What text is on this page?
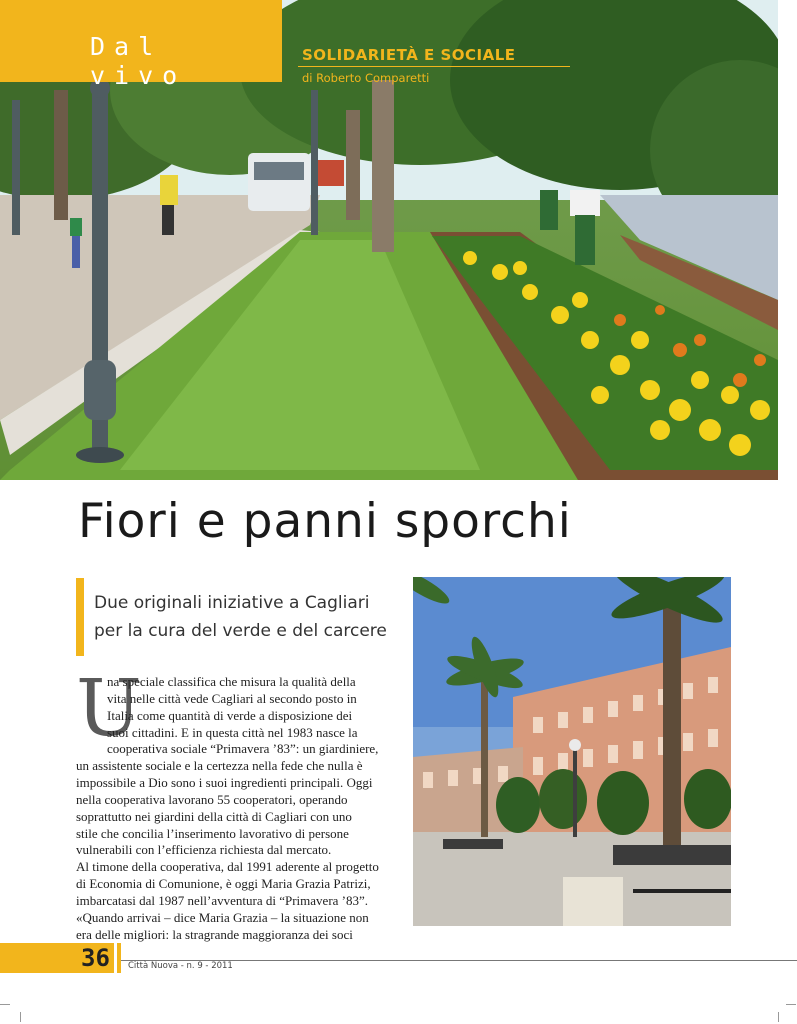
Dal vivo
SOLIDARIETÀ E SOCIALE
di Roberto Comparetti
Fiori e panni sporchi
Due originali iniziative a Cagliari
per la cura del verde e del carcere
U
na speciale classifica che misura la qualità della
vita nelle città vede Cagliari al secondo posto in
Italia come quantità di verde a disposizione dei
suoi cittadini. E in questa città nel 1983 nasce la
cooperativa sociale “Primavera ’83”: un giardiniere,
un assistente sociale e la certezza nella fede che nulla è
impossibile a Dio sono i suoi ingredienti principali. Oggi
nella cooperativa lavorano 55 cooperatori, operando
soprattutto nei giardini della città di Cagliari con uno
stile che concilia l’inserimento lavorativo di persone
vulnerabili con l’efficienza richiesta dal mercato.
Al timone della cooperativa, dal 1991 aderente al progetto
di Economia di Comunione, è oggi Maria Grazia Patrizi,
imbarcatasi dal 1987 nell’avventura di “Primavera ’83”.
«Quando arrivai – dice Maria Grazia – la situazione non
era delle migliori: la stragrande maggioranza dei soci
36 Città Nuova - n. 9 - 2011
